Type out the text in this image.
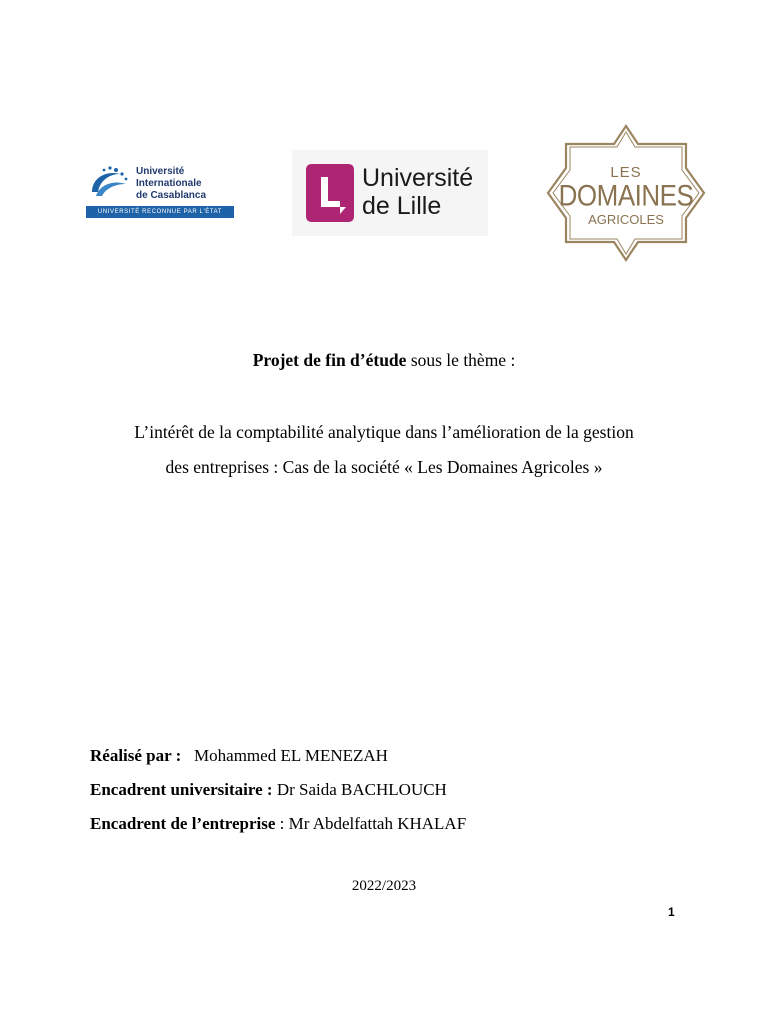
Université Internationale
de Casablanca
UNIVERSITÉ RECONNUE PAR L'ÉTAT
Université
de Lille
LES
DOMAINES
AGRICOLES
Projet de fin d’étude sous le thème :
L’intérêt de la comptabilité analytique dans l’amélioration de la gestion
des entreprises : Cas de la société « Les Domaines Agricoles »
Réalisé par :   Mohammed EL MENEZAH
Encadrent universitaire : Dr Saida BACHLOUCH
Encadrent de l’entreprise : Mr Abdelfattah KHALAF
2022/2023
1
